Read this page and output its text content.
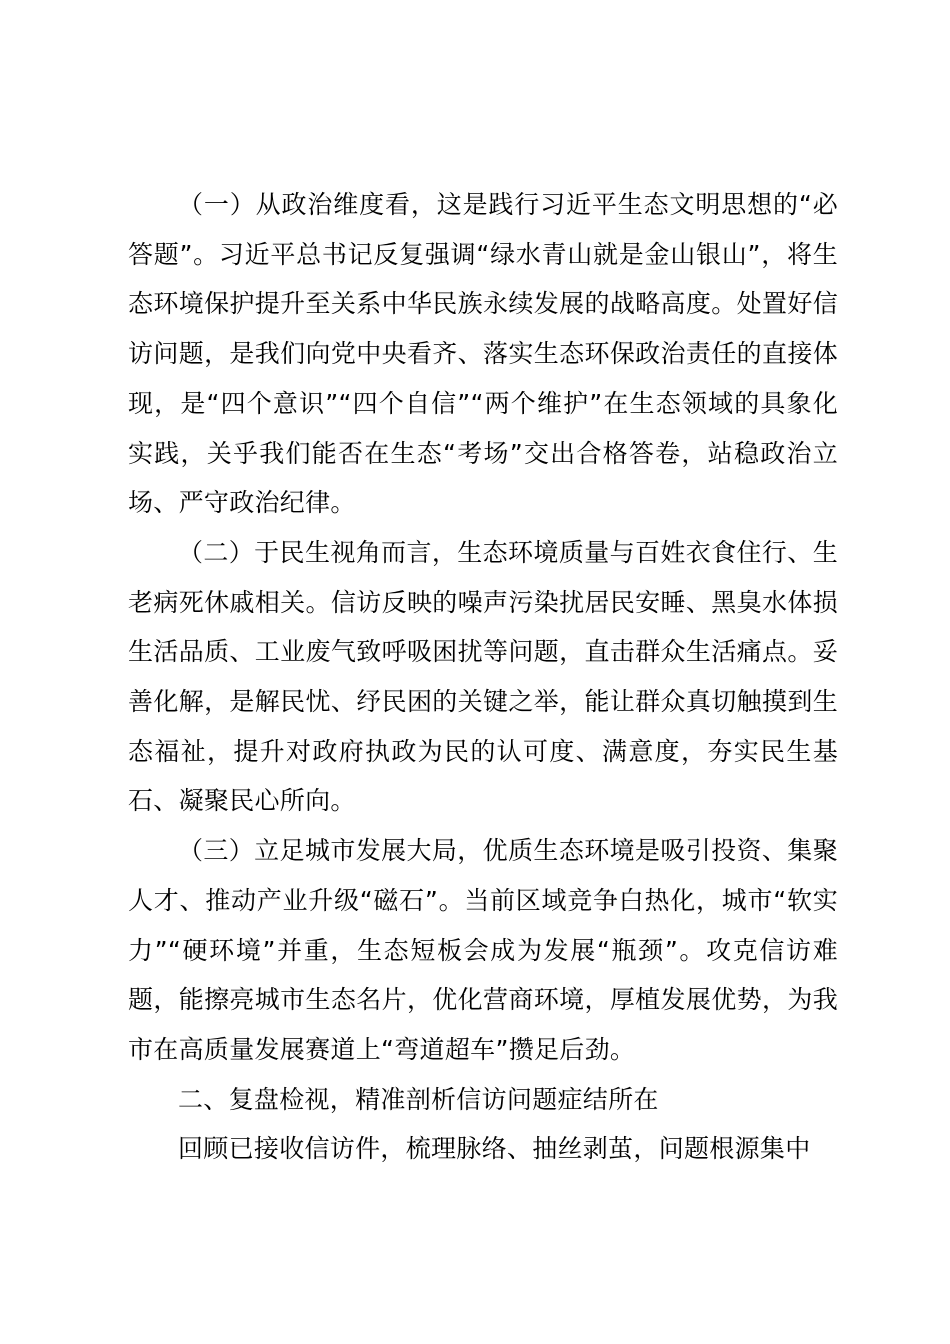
（一）从政治维度看，这是践行习近平生态文明思想的“必答题”。习近平总书记反复强调“绿水青山就是金山银山”，将生态环境保护提升至关系中华民族永续发展的战略高度。处置好信访问题，是我们向党中央看齐、落实生态环保政治责任的直接体现，是“四个意识”“四个自信”“两个维护”在生态领域的具象化实践，关乎我们能否在生态“考场”交出合格答卷，站稳政治立场、严守政治纪律。

（二）于民生视角而言，生态环境质量与百姓衣食住行、生老病死休戚相关。信访反映的噪声污染扰居民安睡、黑臭水体损生活品质、工业废气致呼吸困扰等问题，直击群众生活痛点。妥善化解，是解民忧、纾民困的关键之举，能让群众真切触摸到生态福祉，提升对政府执政为民的认可度、满意度，夯实民生基石、凝聚民心所向。

（三）立足城市发展大局，优质生态环境是吸引投资、集聚人才、推动产业升级“磁石”。当前区域竞争白热化，城市“软实力”“硬环境”并重，生态短板会成为发展“瓶颈”。攻克信访难题，能擦亮城市生态名片，优化营商环境，厚植发展优势，为我市在高质量发展赛道上“弯道超车”攒足后劲。

二、复盘检视，精准剖析信访问题症结所在

回顾已接收信访件，梳理脉络、抽丝剥茧，问题根源集中
